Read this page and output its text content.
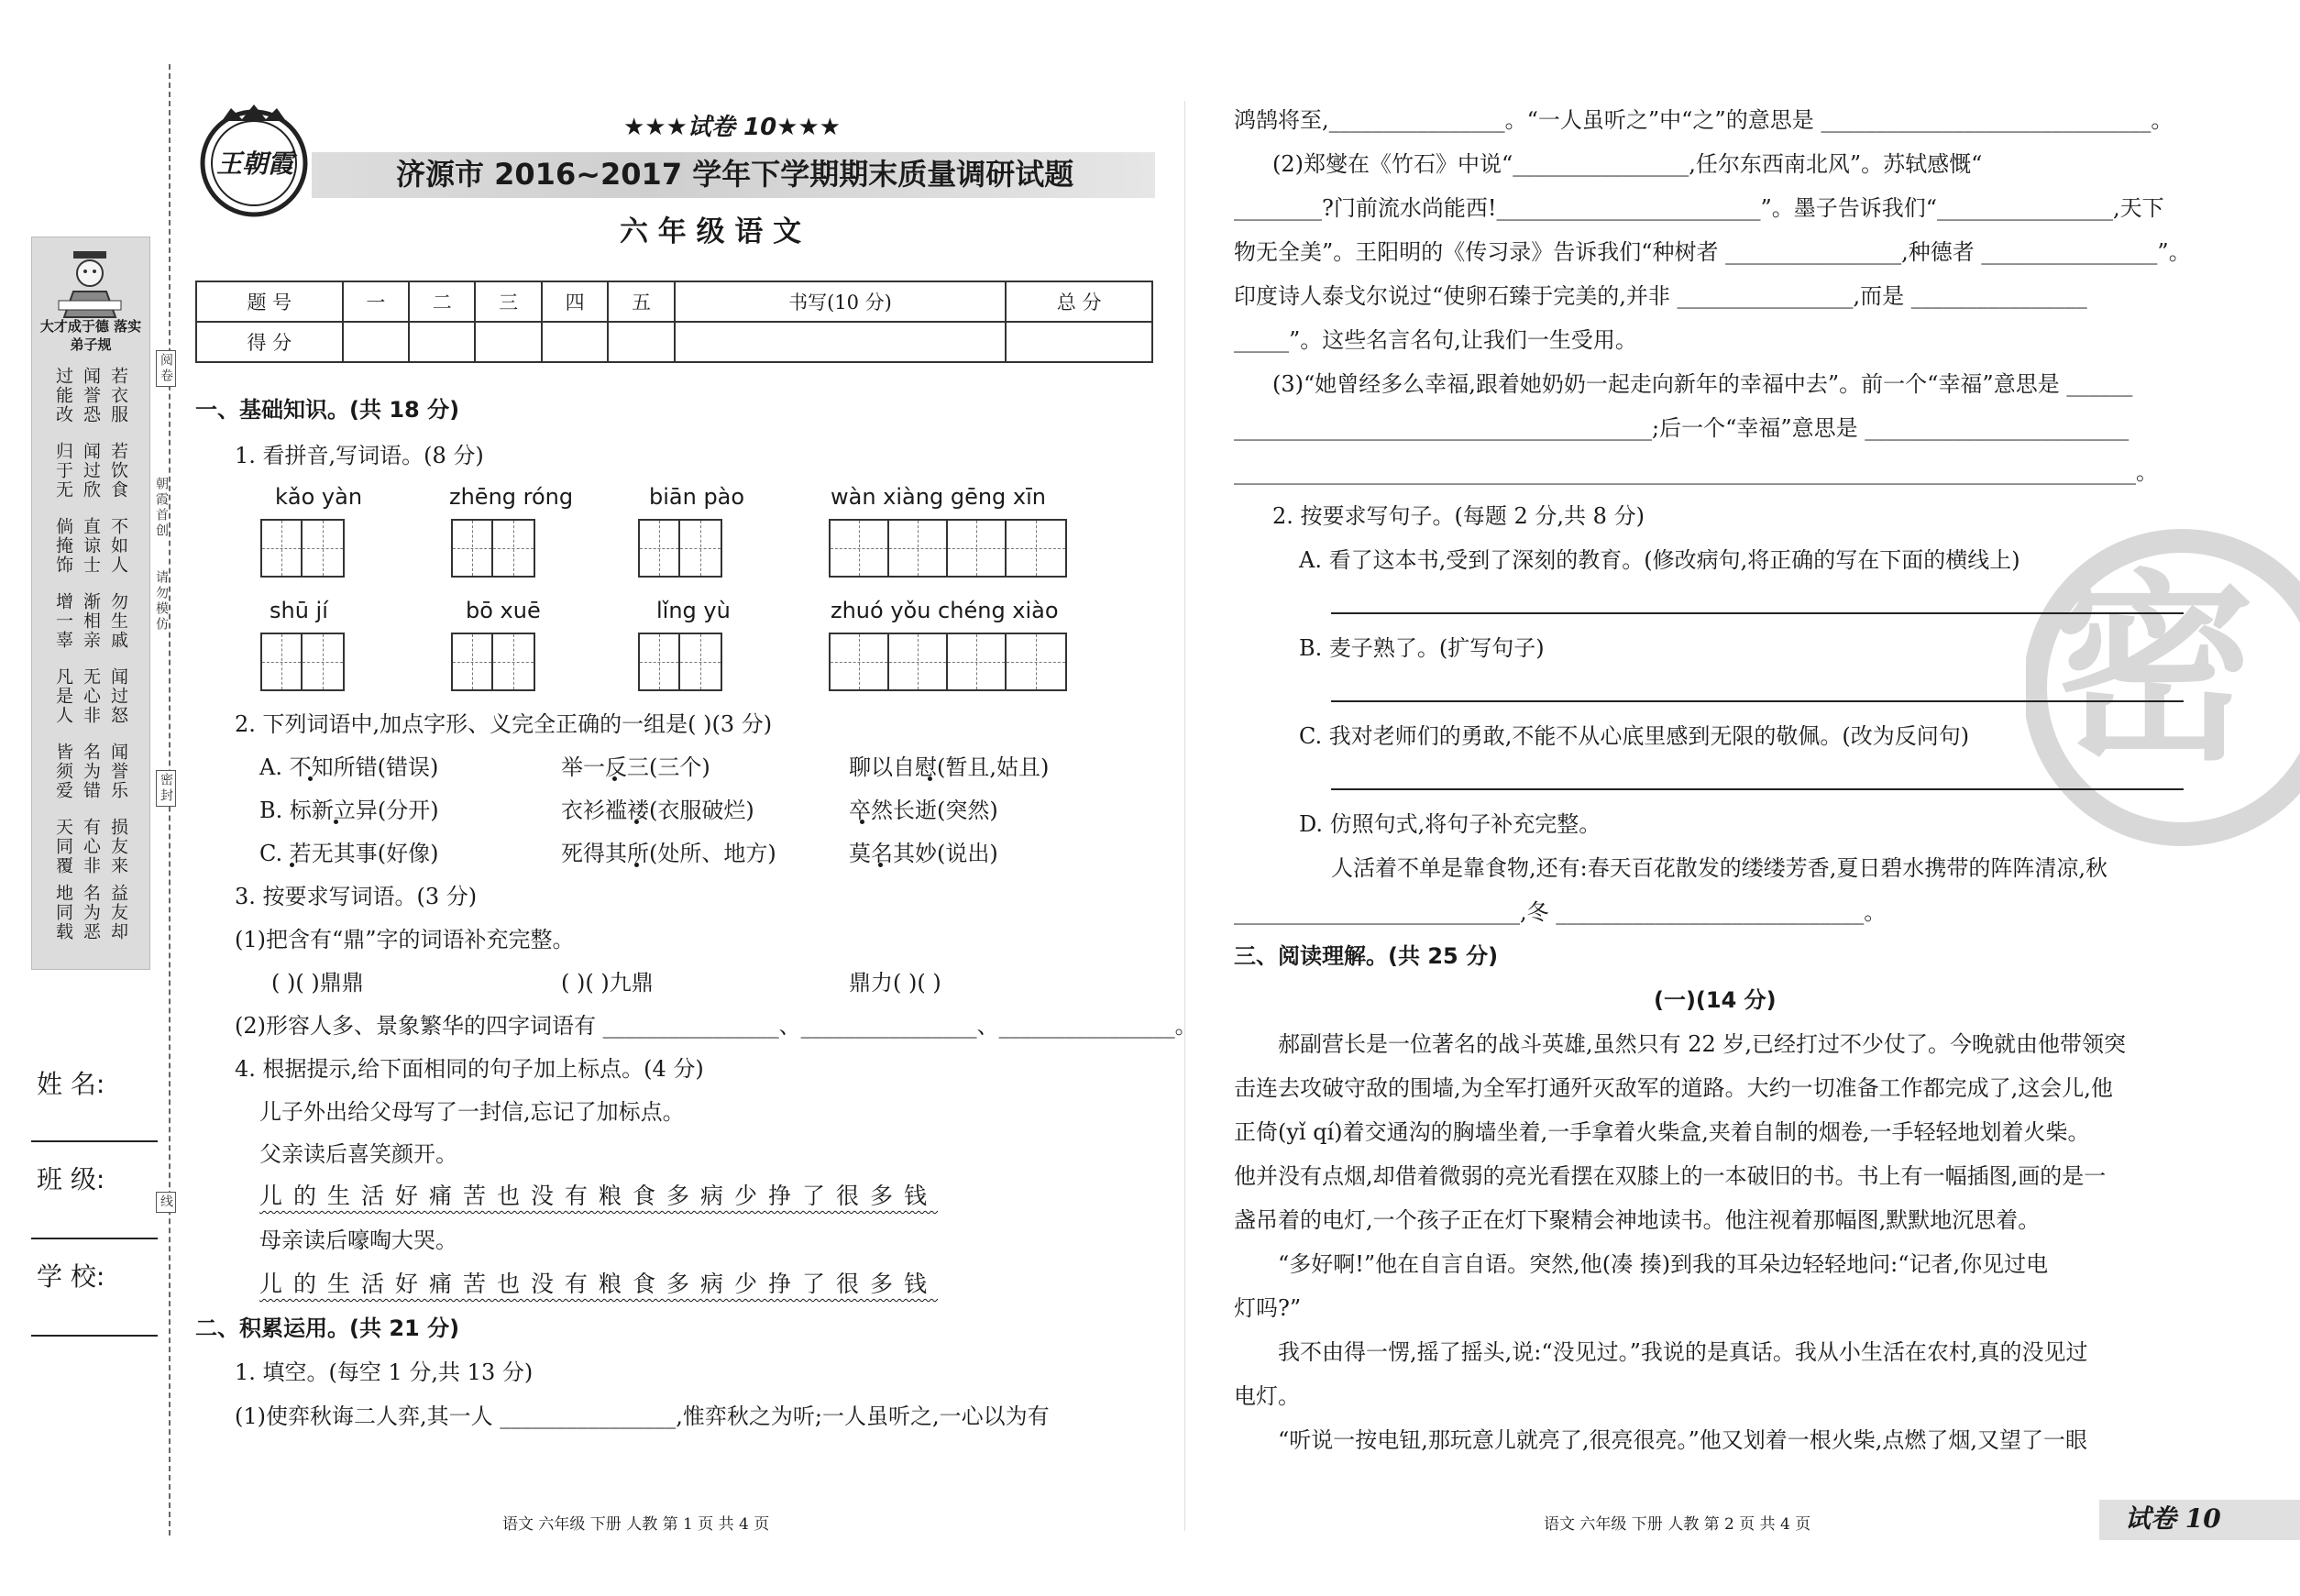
大才成于德 落实弟子规
若衣服
闻誉恐
过能改
若饮食
闻过欣
归于无
不如人
直谅士
倘掩饰
勿生戚
渐相亲
增一辜
闻过怒
无心非
凡是人
闻誉乐
名为错
皆须爱
损友来
有心非
天同覆
益友却
名为恶
地同载
阅卷
朝霞首创
请勿模仿
密封
线
姓 名:
班 级:
学 校:
王朝霞
★★★试卷 10★★★
济源市 2016~2017 学年下学期期末质量调研试题
六 年 级 语 文
题 号	一	二	三	四	五	书写(10 分)	总 分
得 分							
一、基础知识。(共 18 分)
1. 看拼音,写词语。(8 分)
kǎo yàn	zhēng róng	biān pào	wàn xiàng gēng xīn
shū jí	bō xuē	lǐng yù	zhuó yǒu chéng xiào
2. 下列词语中,加点字形、义完全正确的一组是( )(3 分)
A. 不知所错(错误)	举一反三(三个)	聊以自慰(暂且,姑且)
B. 标新立异(分开)	衣衫褴褛(衣服破烂)	卒然长逝(突然)
C. 若无其事(好像)	死得其所(处所、地方)	莫名其妙(说出)
3. 按要求写词语。(3 分)
(1)把含有“鼎”字的词语补充完整。
( )( )鼎鼎	( )( )九鼎	鼎力( )( )
(2)形容人多、景象繁华的四字词语有 ________________、________________、________________。
4. 根据提示,给下面相同的句子加上标点。(4 分)
儿子外出给父母写了一封信,忘记了加标点。
父亲读后喜笑颜开。
儿的生活好痛苦也没有粮食多病少挣了很多钱
母亲读后嚎啕大哭。
儿的生活好痛苦也没有粮食多病少挣了很多钱
二、积累运用。(共 21 分)
1. 填空。(每空 1 分,共 13 分)
(1)使弈秋诲二人弈,其一人 ________________,惟弈秋之为听;一人虽听之,一心以为有
语文 六年级 下册 人教 第 1 页 共 4 页
密
鸿鹄将至,________________。“一人虽听之”中“之”的意思是 ______________________________。
(2)郑燮在《竹石》中说“________________,任尔东西南北风”。苏轼感慨“
________?门前流水尚能西!________________________”。墨子告诉我们“________________,天下
物无全美”。王阳明的《传习录》告诉我们“种树者 ________________,种德者 ________________”。
印度诗人泰戈尔说过“使卵石臻于完美的,并非 ________________,而是 ________________
_____”。这些名言名句,让我们一生受用。
(3)“她曾经多么幸福,跟着她奶奶一起走向新年的幸福中去”。前一个“幸福”意思是 ______
______________________________________;后一个“幸福”意思是 ________________________
__________________________________________________________________________________。
2. 按要求写句子。(每题 2 分,共 8 分)
A. 看了这本书,受到了深刻的教育。(修改病句,将正确的写在下面的横线上)
B. 麦子熟了。(扩写句子)
C. 我对老师们的勇敢,不能不从心底里感到无限的敬佩。(改为反问句)
D. 仿照句式,将句子补充完整。
人活着不单是靠食物,还有:春天百花散发的缕缕芳香,夏日碧水携带的阵阵清凉,秋
__________________________,冬 ____________________________。
三、阅读理解。(共 25 分)
(一)(14 分)
郝副营长是一位著名的战斗英雄,虽然只有 22 岁,已经打过不少仗了。今晚就由他带领突
击连去攻破守敌的围墙,为全军打通歼灭敌军的道路。大约一切准备工作都完成了,这会儿,他
正倚(yǐ qí)着交通沟的胸墙坐着,一手拿着火柴盒,夹着自制的烟卷,一手轻轻地划着火柴。
他并没有点烟,却借着微弱的亮光看摆在双膝上的一本破旧的书。书上有一幅插图,画的是一
盏吊着的电灯,一个孩子正在灯下聚精会神地读书。他注视着那幅图,默默地沉思着。
“多好啊!”他在自言自语。突然,他(凑 揍)到我的耳朵边轻轻地问:“记者,你见过电
灯吗?”
我不由得一愣,摇了摇头,说:“没见过。”我说的是真话。我从小生活在农村,真的没见过
电灯。
“听说一按电钮,那玩意儿就亮了,很亮很亮。”他又划着一根火柴,点燃了烟,又望了一眼
语文 六年级 下册 人教 第 2 页 共 4 页	试卷 10
